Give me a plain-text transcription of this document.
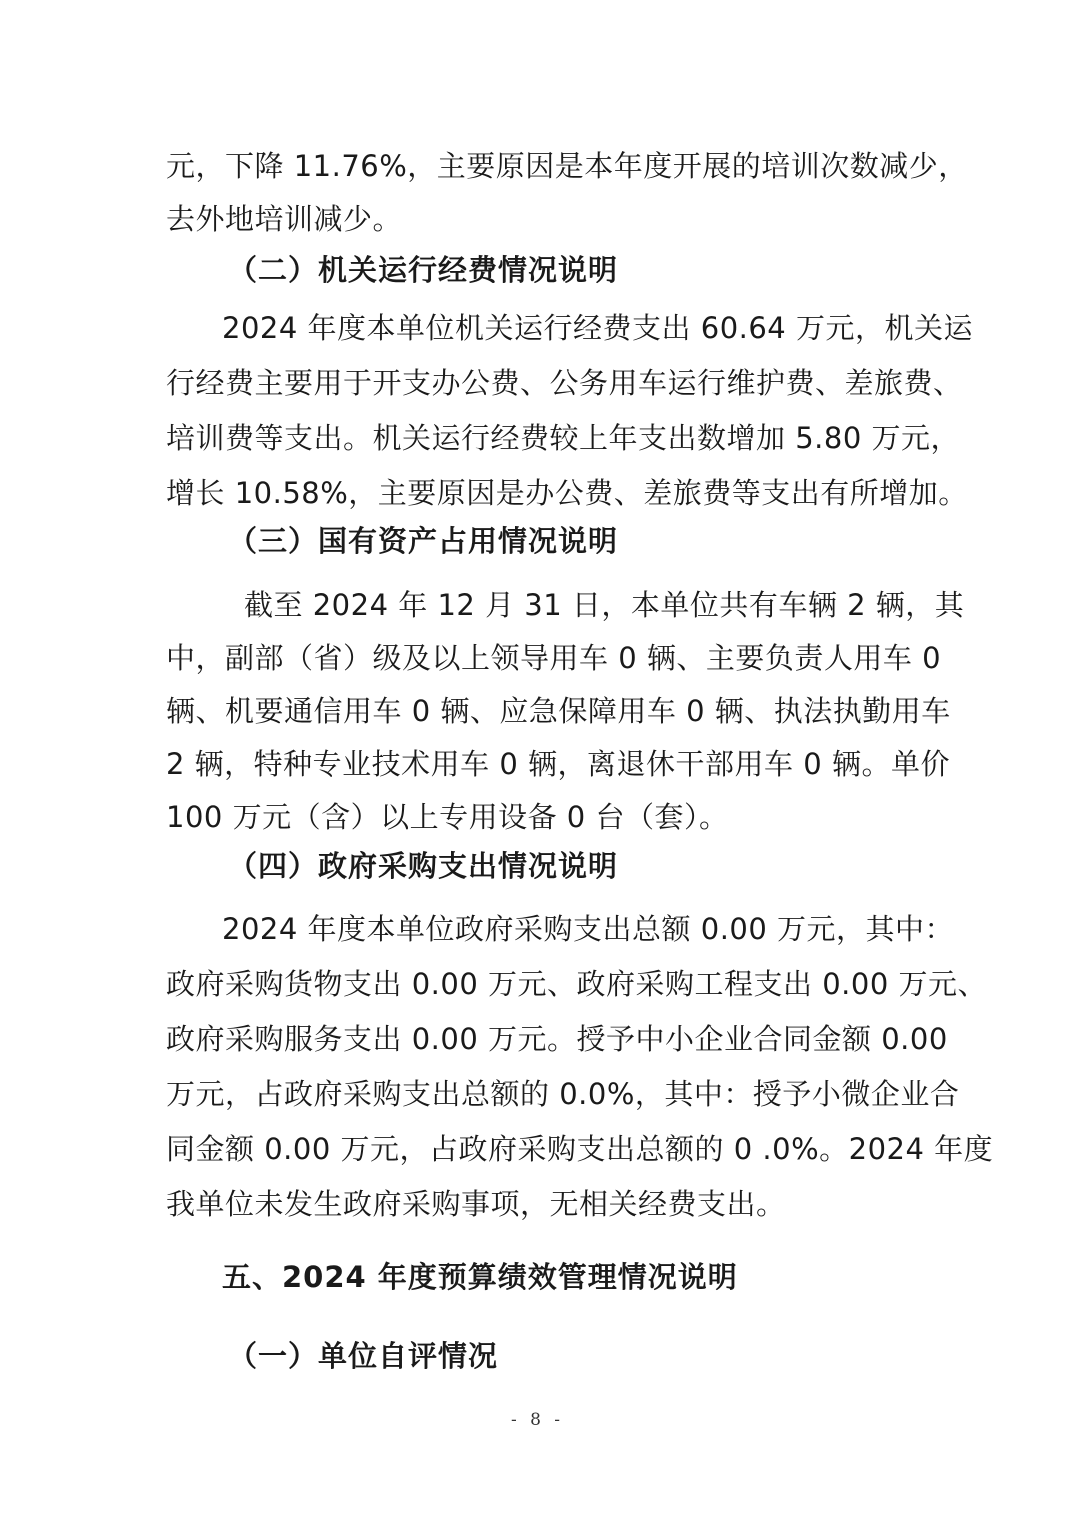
元，下降 11.76%，主要原因是本年度开展的培训次数减少，
去外地培训减少。
（二）机关运行经费情况说明
2024 年度本单位机关运行经费支出 60.64 万元，机关运
行经费主要用于开支办公费、公务用车运行维护费、差旅费、
培训费等支出。机关运行经费较上年支出数增加 5.80 万元，
增长 10.58%，主要原因是办公费、差旅费等支出有所增加。
（三）国有资产占用情况说明
截至 2024 年 12 月 31 日，本单位共有车辆 2 辆，其
中，副部（省）级及以上领导用车 0 辆、主要负责人用车 0
辆、机要通信用车 0 辆、应急保障用车 0 辆、执法执勤用车
2 辆，特种专业技术用车 0 辆，离退休干部用车 0 辆。单价
100 万元（含）以上专用设备 0 台（套）。
（四）政府采购支出情况说明
2024 年度本单位政府采购支出总额 0.00 万元，其中：
政府采购货物支出 0.00 万元、政府采购工程支出 0.00 万元、
政府采购服务支出 0.00 万元。授予中小企业合同金额 0.00
万元，占政府采购支出总额的 0.0%，其中：授予小微企业合
同金额 0.00 万元，占政府采购支出总额的 0 .0%。2024 年度
我单位未发生政府采购事项，无相关经费支出。
五、2024 年度预算绩效管理情况说明
（一）单位自评情况
- 8 -
